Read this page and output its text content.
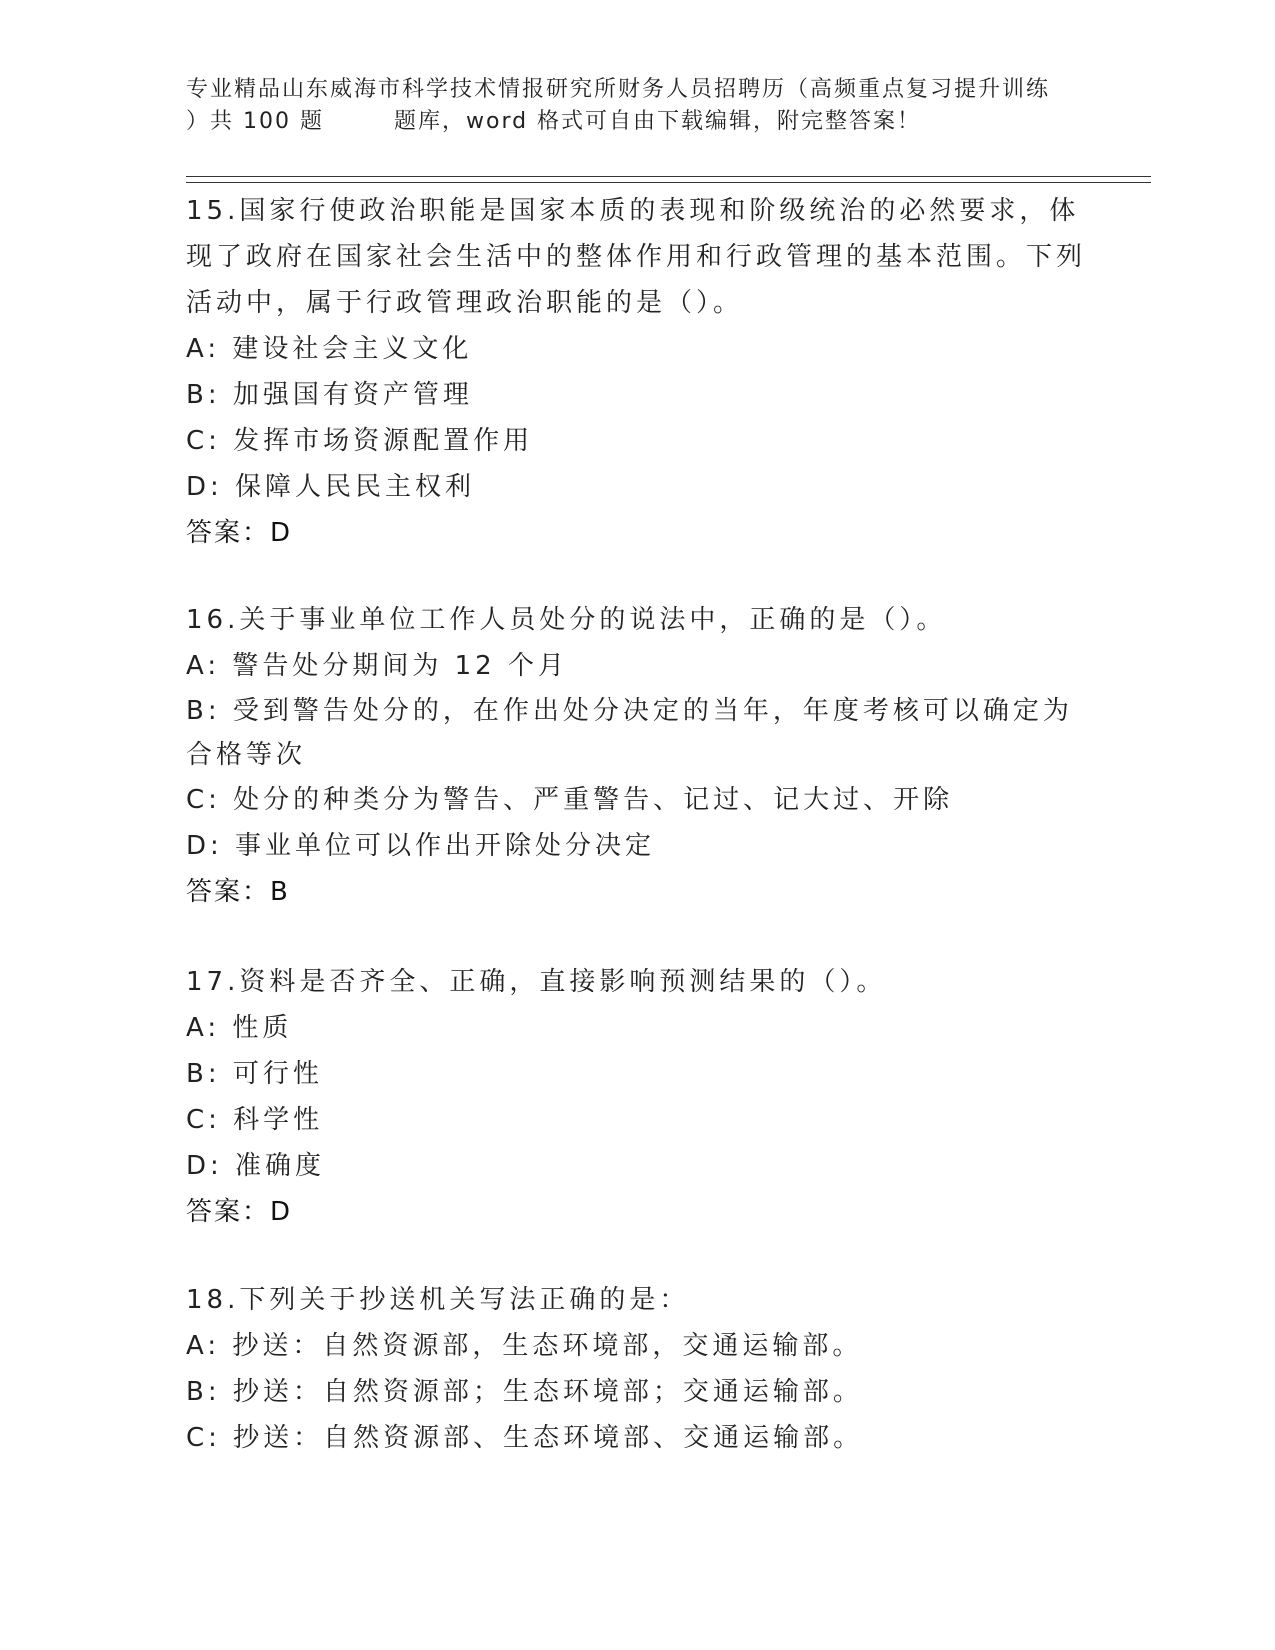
专业精品山东威海市科学技术情报研究所财务人员招聘历（高频重点复习提升训练
）共 100 题	题库，word 格式可自由下载编辑，附完整答案！
15.国家行使政治职能是国家本质的表现和阶级统治的必然要求，体现了政府在国家社会生活中的整体作用和行政管理的基本范围。下列活动中，属于行政管理政治职能的是（）。
A: 建设社会主义文化
B: 加强国有资产管理
C: 发挥市场资源配置作用
D: 保障人民民主权利
答案：D
16.关于事业单位工作人员处分的说法中，正确的是（）。
A: 警告处分期间为 12 个月
B: 受到警告处分的，在作出处分决定的当年，年度考核可以确定为合格等次
C: 处分的种类分为警告、严重警告、记过、记大过、开除
D: 事业单位可以作出开除处分决定
答案：B
17.资料是否齐全、正确，直接影响预测结果的（）。
A: 性质
B: 可行性
C: 科学性
D: 准确度
答案：D
18.下列关于抄送机关写法正确的是：
A: 抄送：自然资源部，生态环境部，交通运输部。
B: 抄送：自然资源部；生态环境部；交通运输部。
C: 抄送：自然资源部、生态环境部、交通运输部。
